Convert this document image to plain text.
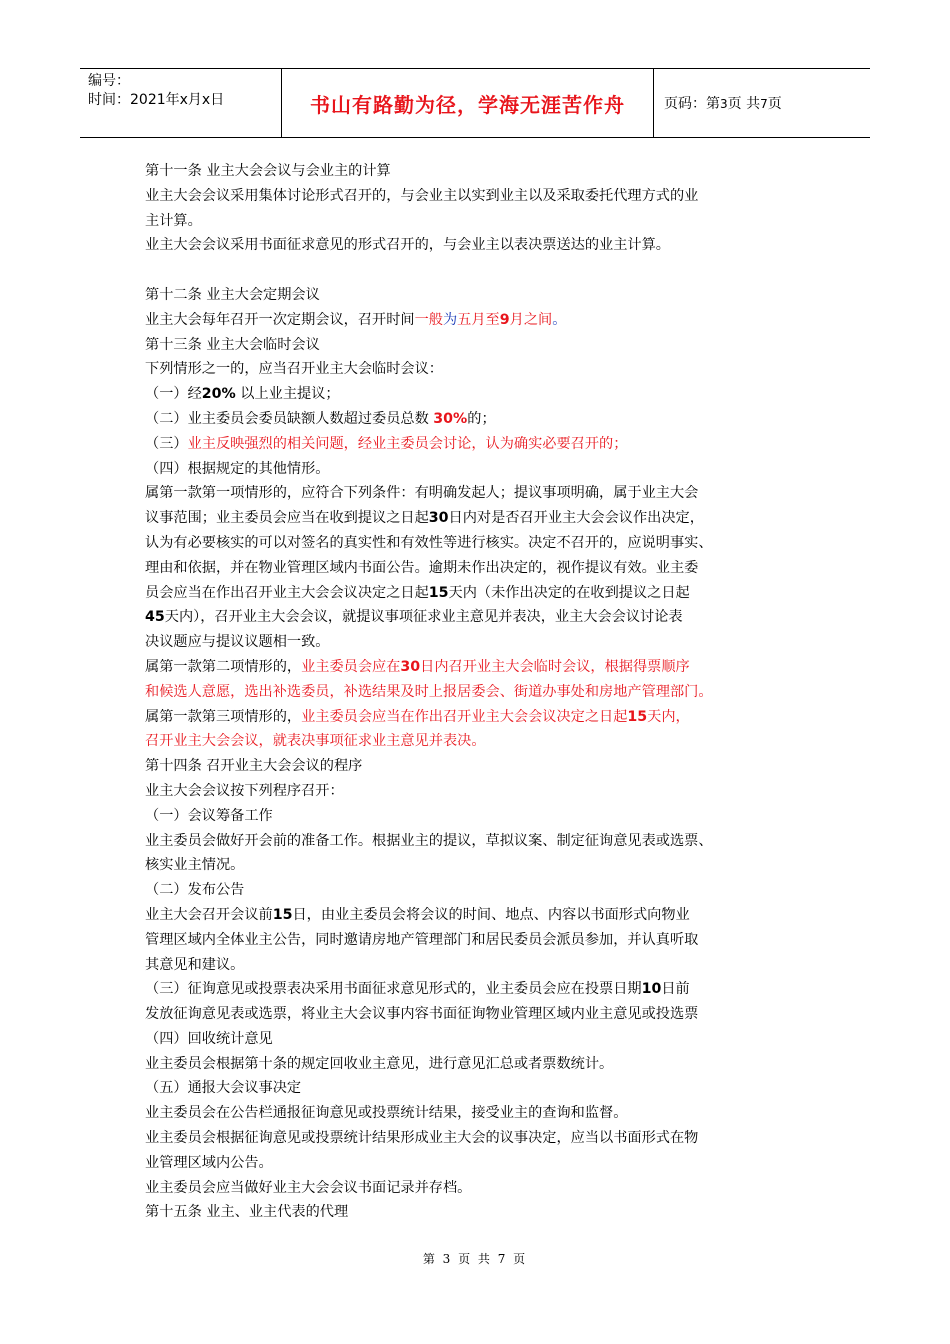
编号：
时间：2021年x月x日	书山有路勤为径，学海无涯苦作舟	页码：第3页 共7页

第十一条 业主大会会议与会业主的计算

业主大会会议采用集体讨论形式召开的，与会业主以实到业主以及采取委托代理方式的业

主计算。

业主大会会议采用书面征求意见的形式召开的，与会业主以表决票送达的业主计算。

第十二条 业主大会定期会议

业主大会每年召开一次定期会议，召开时间一般为五月至9月之间。

第十三条 业主大会临时会议

下列情形之一的，应当召开业主大会临时会议：

（一）经20% 以上业主提议；

（二）业主委员会委员缺额人数超过委员总数 30%的；

（三）业主反映强烈的相关问题，经业主委员会讨论，认为确实必要召开的；

（四）根据规定的其他情形。

属第一款第一项情形的，应符合下列条件：有明确发起人；提议事项明确，属于业主大会

议事范围；业主委员会应当在收到提议之日起30日内对是否召开业主大会会议作出决定，

认为有必要核实的可以对签名的真实性和有效性等进行核实。决定不召开的，应说明事实、

理由和依据，并在物业管理区域内书面公告。逾期未作出决定的，视作提议有效。业主委

员会应当在作出召开业主大会会议决定之日起15天内（未作出决定的在收到提议之日起

45天内），召开业主大会会议，就提议事项征求业主意见并表决，业主大会会议讨论表

决议题应与提议议题相一致。

属第一款第二项情形的，业主委员会应在30日内召开业主大会临时会议，根据得票顺序

和候选人意愿，选出补选委员，补选结果及时上报居委会、街道办事处和房地产管理部门。

属第一款第三项情形的，业主委员会应当在作出召开业主大会会议决定之日起15天内，

召开业主大会会议，就表决事项征求业主意见并表决。

第十四条 召开业主大会会议的程序

业主大会会议按下列程序召开：

（一）会议筹备工作

业主委员会做好开会前的准备工作。根据业主的提议，草拟议案、制定征询意见表或选票、

核实业主情况。

（二）发布公告

业主大会召开会议前15日，由业主委员会将会议的时间、地点、内容以书面形式向物业

管理区域内全体业主公告，同时邀请房地产管理部门和居民委员会派员参加，并认真听取

其意见和建议。

（三）征询意见或投票表决采用书面征求意见形式的，业主委员会应在投票日期10日前

发放征询意见表或选票，将业主大会议事内容书面征询物业管理区域内业主意见或投选票

（四）回收统计意见

业主委员会根据第十条的规定回收业主意见，进行意见汇总或者票数统计。

（五）通报大会议事决定

业主委员会在公告栏通报征询意见或投票统计结果，接受业主的查询和监督。

业主委员会根据征询意见或投票统计结果形成业主大会的议事决定，应当以书面形式在物

业管理区域内公告。

业主委员会应当做好业主大会会议书面记录并存档。

第十五条 业主、业主代表的代理

第 3 页 共 7 页
